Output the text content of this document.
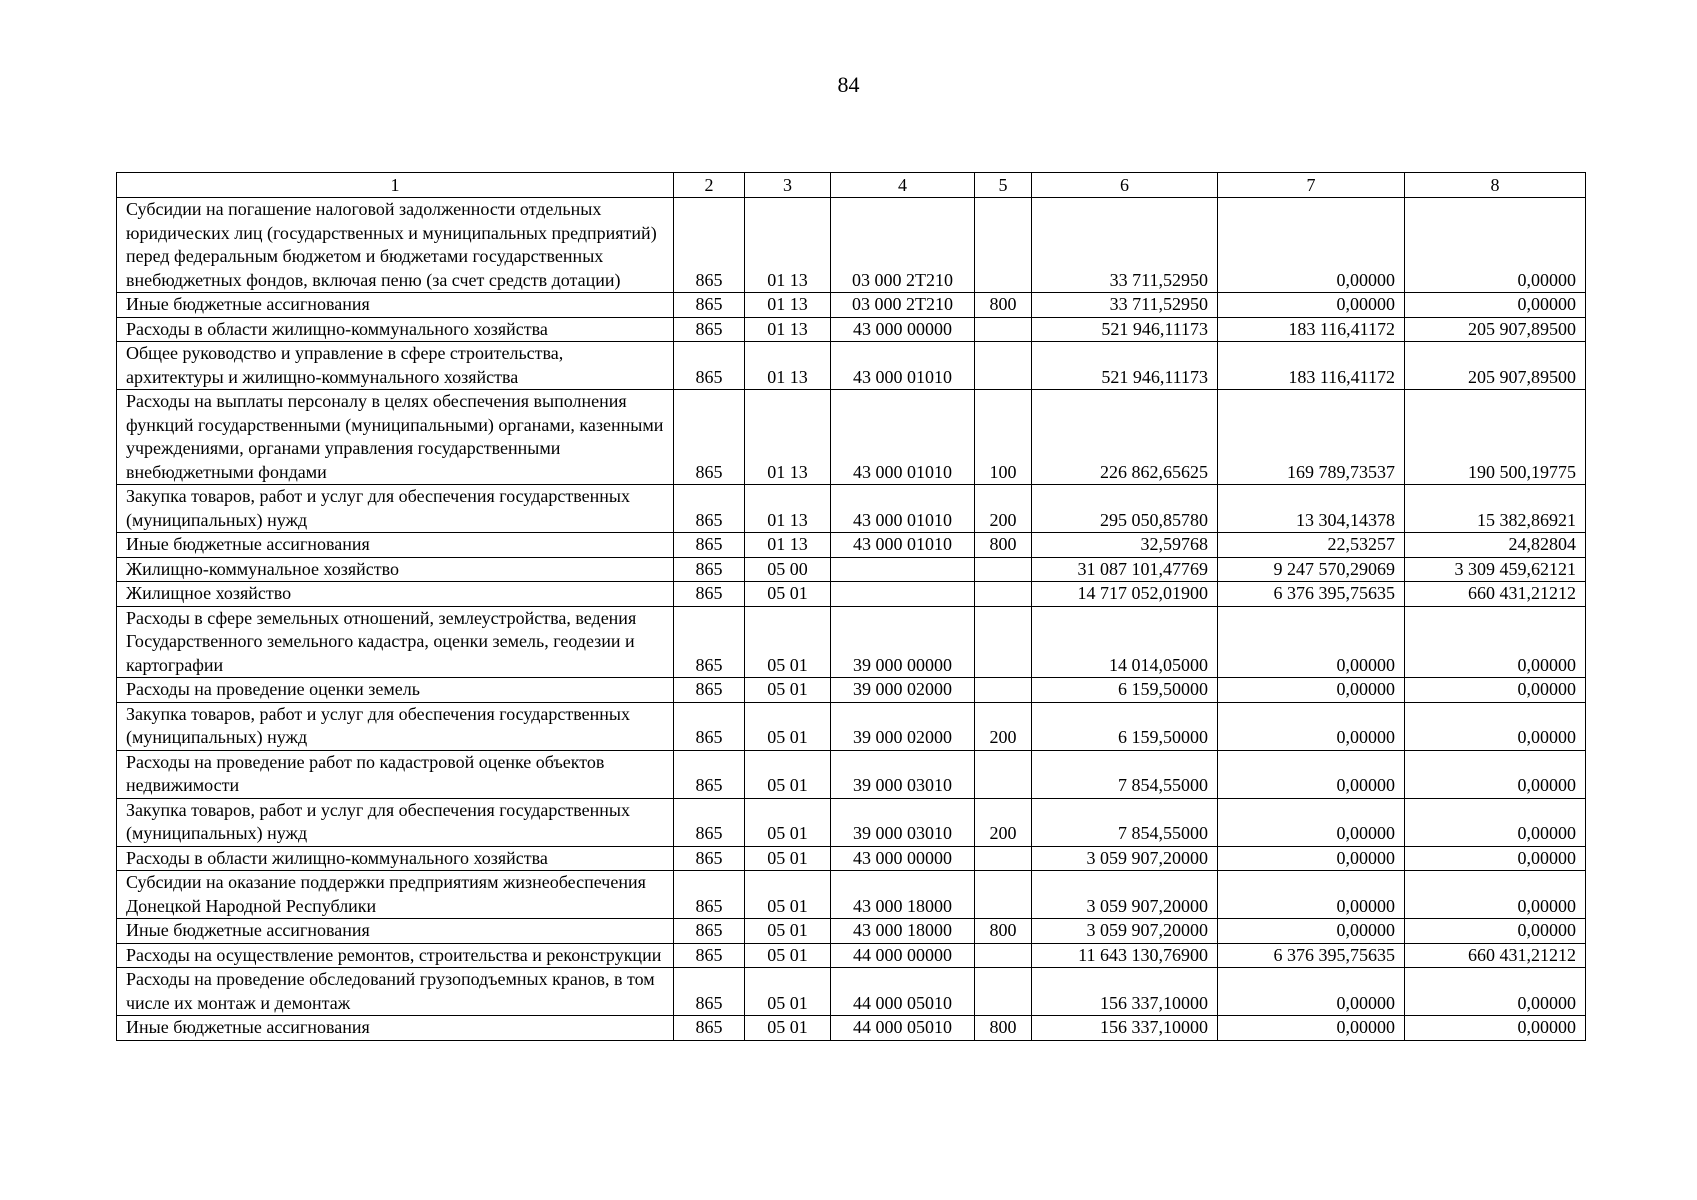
84
1	2	3	4	5	6	7	8
Субсидии на погашение налоговой задолженности отдельных юридических лиц (государственных и муниципальных предприятий) перед федеральным бюджетом и бюджетами государственных внебюджетных фондов, включая пеню (за счет средств дотации)	865	01 13	03 000 2Т210		33 711,52950	0,00000	0,00000
Иные бюджетные ассигнования	865	01 13	03 000 2Т210	800	33 711,52950	0,00000	0,00000
Расходы в области жилищно-коммунального хозяйства	865	01 13	43 000 00000		521 946,11173	183 116,41172	205 907,89500
Общее руководство и управление в сфере строительства, архитектуры и жилищно-коммунального хозяйства	865	01 13	43 000 01010		521 946,11173	183 116,41172	205 907,89500
Расходы на выплаты персоналу в целях обеспечения выполнения функций государственными (муниципальными) органами, казенными учреждениями, органами управления государственными внебюджетными фондами	865	01 13	43 000 01010	100	226 862,65625	169 789,73537	190 500,19775
Закупка товаров, работ и услуг для обеспечения государственных (муниципальных) нужд	865	01 13	43 000 01010	200	295 050,85780	13 304,14378	15 382,86921
Иные бюджетные ассигнования	865	01 13	43 000 01010	800	32,59768	22,53257	24,82804
Жилищно-коммунальное хозяйство	865	05 00			31 087 101,47769	9 247 570,29069	3 309 459,62121
Жилищное хозяйство	865	05 01			14 717 052,01900	6 376 395,75635	660 431,21212
Расходы в сфере земельных отношений, землеустройства, ведения Государственного земельного кадастра, оценки земель, геодезии и картографии	865	05 01	39 000 00000		14 014,05000	0,00000	0,00000
Расходы на проведение оценки земель	865	05 01	39 000 02000		6 159,50000	0,00000	0,00000
Закупка товаров, работ и услуг для обеспечения государственных (муниципальных) нужд	865	05 01	39 000 02000	200	6 159,50000	0,00000	0,00000
Расходы на проведение работ по кадастровой оценке объектов недвижимости	865	05 01	39 000 03010		7 854,55000	0,00000	0,00000
Закупка товаров, работ и услуг для обеспечения государственных (муниципальных) нужд	865	05 01	39 000 03010	200	7 854,55000	0,00000	0,00000
Расходы в области жилищно-коммунального хозяйства	865	05 01	43 000 00000		3 059 907,20000	0,00000	0,00000
Субсидии на оказание поддержки предприятиям жизнеобеспечения Донецкой Народной Республики	865	05 01	43 000 18000		3 059 907,20000	0,00000	0,00000
Иные бюджетные ассигнования	865	05 01	43 000 18000	800	3 059 907,20000	0,00000	0,00000
Расходы на осуществление ремонтов, строительства и реконструкции	865	05 01	44 000 00000		11 643 130,76900	6 376 395,75635	660 431,21212
Расходы на проведение обследований грузоподъемных кранов, в том числе их монтаж и демонтаж	865	05 01	44 000 05010		156 337,10000	0,00000	0,00000
Иные бюджетные ассигнования	865	05 01	44 000 05010	800	156 337,10000	0,00000	0,00000
